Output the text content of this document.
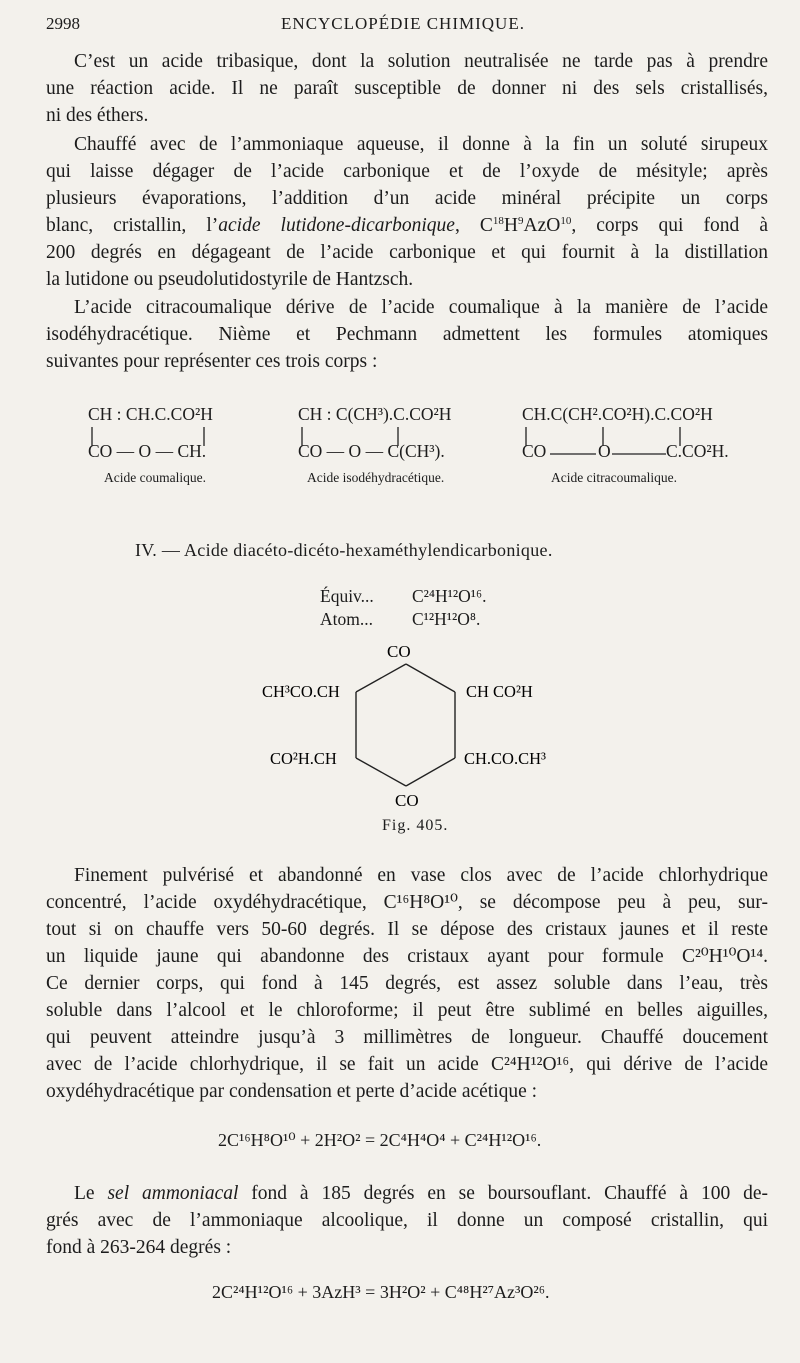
2998	ENCYCLOPÉDIE CHIMIQUE.
C’est un acide tribasique, dont la solution neutralisée ne tarde pas à prendre
une réaction acide. Il ne paraît susceptible de donner ni des sels cristallisés,
ni des éthers.
Chauffé avec de l’ammoniaque aqueuse, il donne à la fin un soluté sirupeux
qui laisse dégager de l’acide carbonique et de l’oxyde de mésityle; après
plusieurs évaporations, l’addition d’un acide minéral précipite un corps
blanc, cristallin, l’acide lutidone-dicarbonique, $C^{18}H^9AzO^{10}$, corps qui fond à
200 degrés en dégageant de l’acide carbonique et qui fournit à la distillation
la lutidone ou pseudolutidostyrile de Hantzsch.
L’acide citracoumalique dérive de l’acide coumalique à la manière de l’acide
isodéhydracétique. Nième et Pechmann admettent les formules atomiques
suivantes pour représenter ces trois corps :
CH : CH.C.CO²H
CO — O — CH.
Acide coumalique.
CH : C(CH³).C.CO²H
CO — O — C(CH³).
Acide isodéhydracétique.
CH.C(CH².CO²H).C.CO²H
CO	O	C.CO²H.
Acide citracoumalique.
IV. — Acide diacéto-dicéto-hexaméthylendicarbonique.
Équiv... C²⁴H¹²O¹⁶.
Atom... C¹²H¹²O⁸.
CO
CO
CH³CO.CH	CH CO²H
CO²H.CH	CH.CO.CH³
Fig. 405.
Finement pulvérisé et abandonné en vase clos avec de l’acide chlorhydrique
concentré, l’acide oxydéhydracétique, C¹⁶H⁸O¹⁰, se décompose peu à peu, sur-
tout si on chauffe vers 50-60 degrés. Il se dépose des cristaux jaunes et il reste
un liquide jaune qui abandonne des cristaux ayant pour formule C²⁰H¹⁰O¹⁴.
Ce dernier corps, qui fond à 145 degrés, est assez soluble dans l’eau, très
soluble dans l’alcool et le chloroforme; il peut être sublimé en belles aiguilles,
qui peuvent atteindre jusqu’à 3 millimètres de longueur. Chauffé doucement
avec de l’acide chlorhydrique, il se fait un acide C²⁴H¹²O¹⁶, qui dérive de l’acide
oxydéhydracétique par condensation et perte d’acide acétique :
2C¹⁶H⁸O¹⁰ + 2H²O² = 2C⁴H⁴O⁴ + C²⁴H¹²O¹⁶.
Le sel ammoniacal fond à 185 degrés en se boursouflant. Chauffé à 100 de-
grés avec de l’ammoniaque alcoolique, il donne un composé cristallin, qui
fond à 263-264 degrés :
2C²⁴H¹²O¹⁶ + 3AzH³ = 3H²O² + C⁴⁸H²⁷Az³O²⁶.
